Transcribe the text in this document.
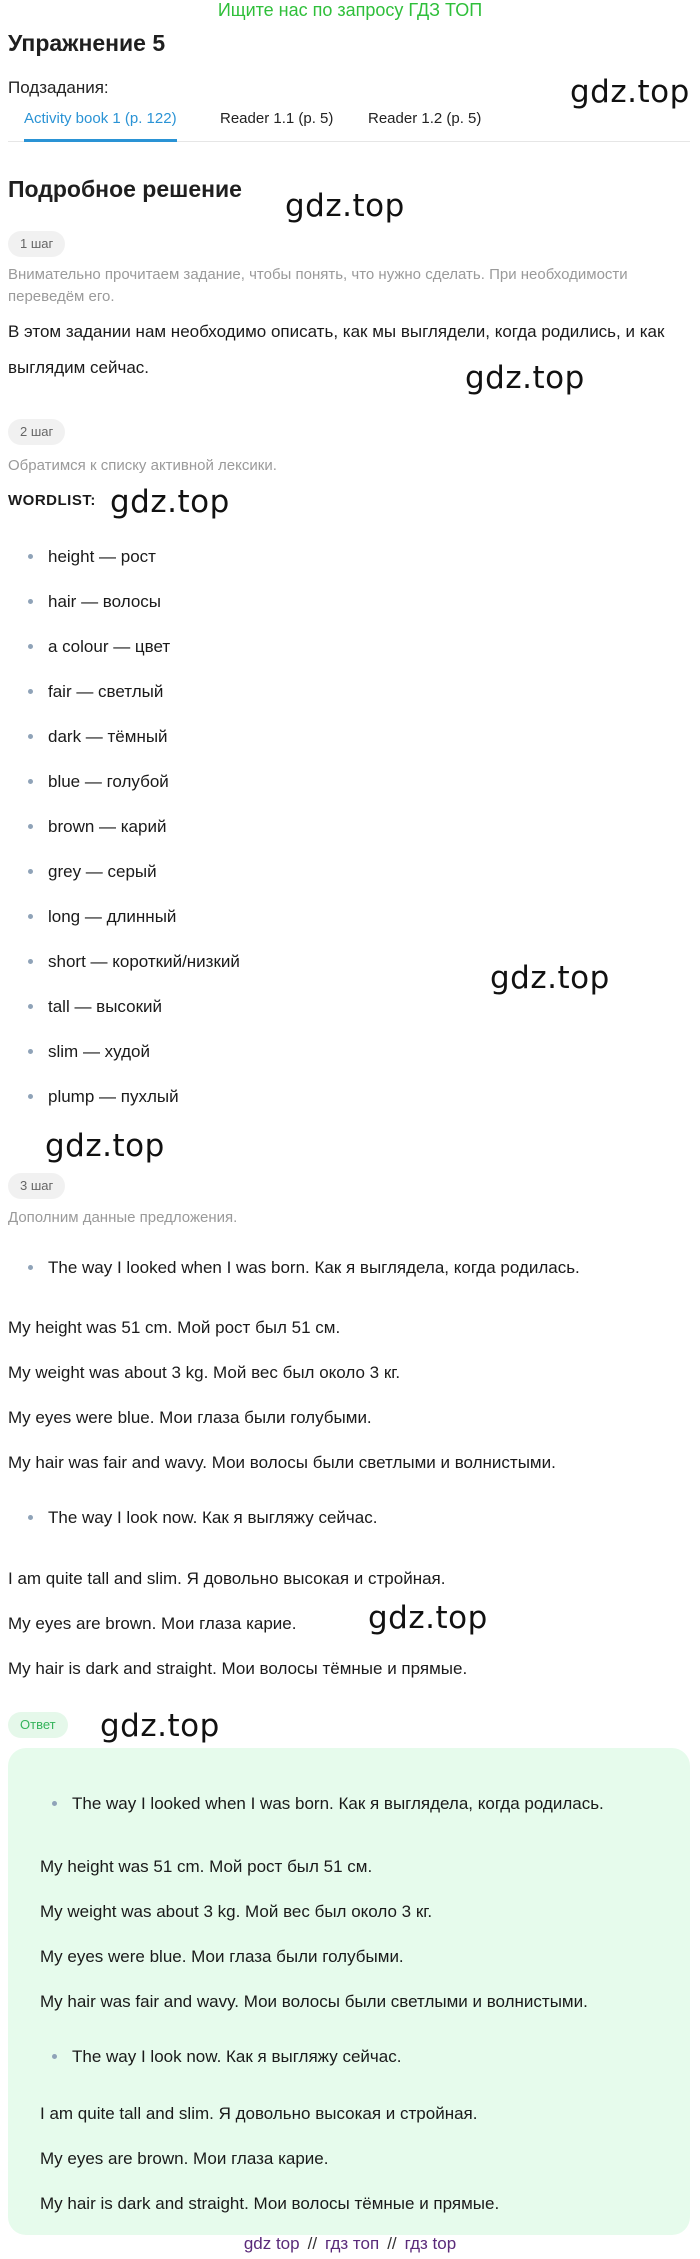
Ищите нас по запросу ГДЗ ТОП
Упражнение 5
Подзадания:
Activity book 1 (p. 122)	Reader 1.1 (p. 5) Reader 1.2 (p. 5)
gdz.top
gdz.top
gdz.top
gdz.top
gdz.top
gdz.top
gdz.top
gdz.top
Подробное решение
1 шаг
Внимательно прочитаем задание, чтобы понять, что нужно сделать. При необходимости переведём его.
В этом задании нам необходимо описать, как мы выглядели, когда родились, и как выглядим сейчас.
2 шаг
Обратимся к списку активной лексики.
WORDLIST:
height — рост
hair — волосы
a colour — цвет
fair — светлый
dark — тёмный
blue — голубой
brown — карий
grey — серый
long — длинный
short — короткий/низкий
tall — высокий
slim — худой
plump — пухлый
3 шаг
Дополним данные предложения.
The way I looked when I was born. Как я выглядела, когда родилась.
My height was 51 cm. Мой рост был 51 см.
My weight was about 3 kg. Мой вес был около 3 кг.
My eyes were blue. Мои глаза были голубыми.
My hair was fair and wavy. Мои волосы были светлыми и волнистыми.
The way I look now. Как я выгляжу сейчас.
I am quite tall and slim. Я довольно высокая и стройная.
My eyes are brown. Мои глаза карие.
My hair is dark and straight. Мои волосы тёмные и прямые.
Ответ
The way I looked when I was born. Как я выглядела, когда родилась.
My height was 51 cm. Мой рост был 51 см.
My weight was about 3 kg. Мой вес был около 3 кг.
My eyes were blue. Мои глаза были голубыми.
My hair was fair and wavy. Мои волосы были светлыми и волнистыми.
The way I look now. Как я выгляжу сейчас.
I am quite tall and slim. Я довольно высокая и стройная.
My eyes are brown. Мои глаза карие.
My hair is dark and straight. Мои волосы тёмные и прямые.
gdz top // гдз топ // гдз top
